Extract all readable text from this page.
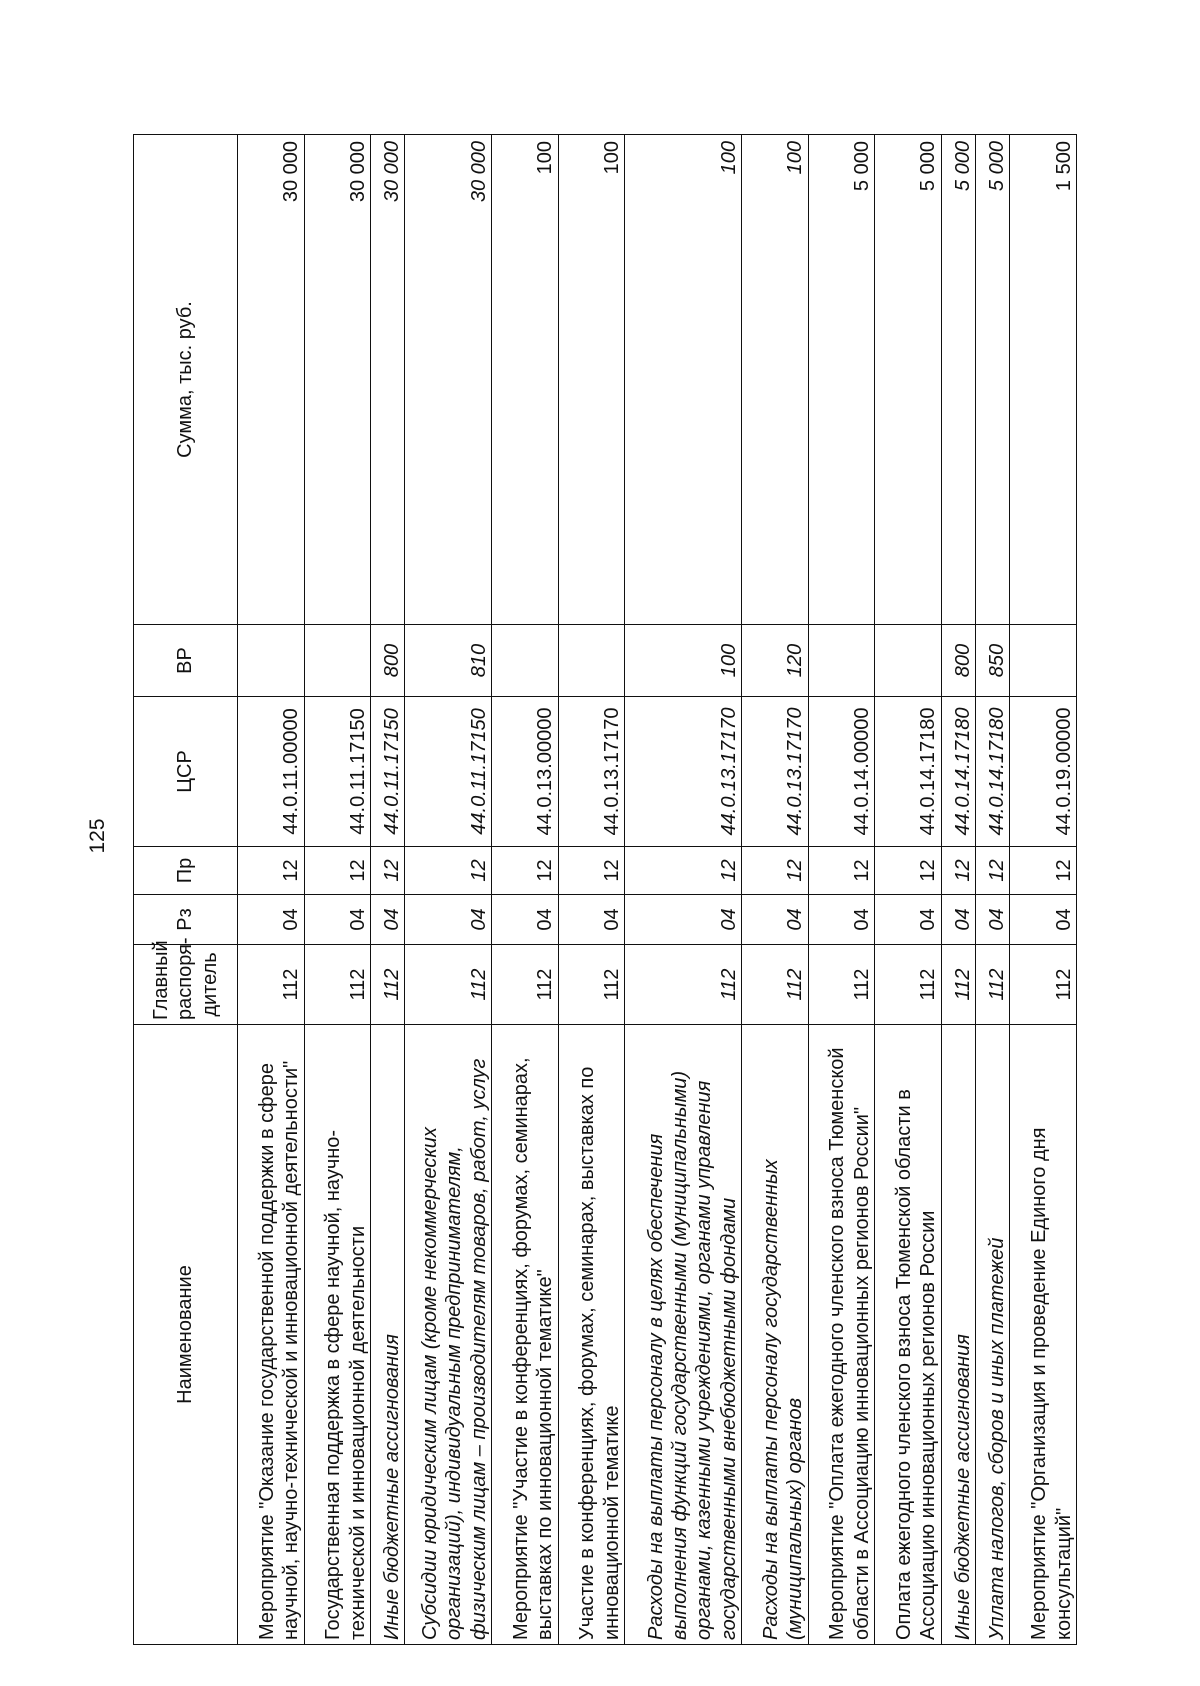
125
Наименование	Главный распоря-дитель	Рз	Пр	ЦСР	ВР	Сумма, тыс. руб.
Мероприятие "Оказание государственной поддержки в сфере научной, научно-технической и инновационной деятельности"	112	04	12	44.0.11.00000		30 000
Государственная поддержка в сфере научной, научно-технической и инновационной деятельности	112	04	12	44.0.11.17150		30 000
Иные бюджетные ассигнования	112	04	12	44.0.11.17150	800	30 000
Субсидии юридическим лицам (кроме некоммерческих организаций), индивидуальным предпринимателям, физическим лицам – производителям товаров, работ, услуг	112	04	12	44.0.11.17150	810	30 000
Мероприятие "Участие в конференциях, форумах, семинарах, выставках по инновационной тематике"	112	04	12	44.0.13.00000		100
Участие в конференциях, форумах, семинарах, выставках по инновационной тематике	112	04	12	44.0.13.17170		100
Расходы на выплаты персоналу в целях обеспечения выполнения функций государственными (муниципальными) органами, казенными учреждениями, органами управления государственными внебюджетными фондами	112	04	12	44.0.13.17170	100	100
Расходы на выплаты персоналу государственных (муниципальных) органов	112	04	12	44.0.13.17170	120	100
Мероприятие "Оплата ежегодного членского взноса Тюменской области в Ассоциацию инновационных регионов России"	112	04	12	44.0.14.00000		5 000
Оплата ежегодного членского взноса Тюменской области в Ассоциацию инновационных регионов России	112	04	12	44.0.14.17180		5 000
Иные бюджетные ассигнования	112	04	12	44.0.14.17180	800	5 000
Уплата налогов, сборов и иных платежей	112	04	12	44.0.14.17180	850	5 000
Мероприятие "Организация и проведение Единого дня консультаций"	112	04	12	44.0.19.00000		1 500
